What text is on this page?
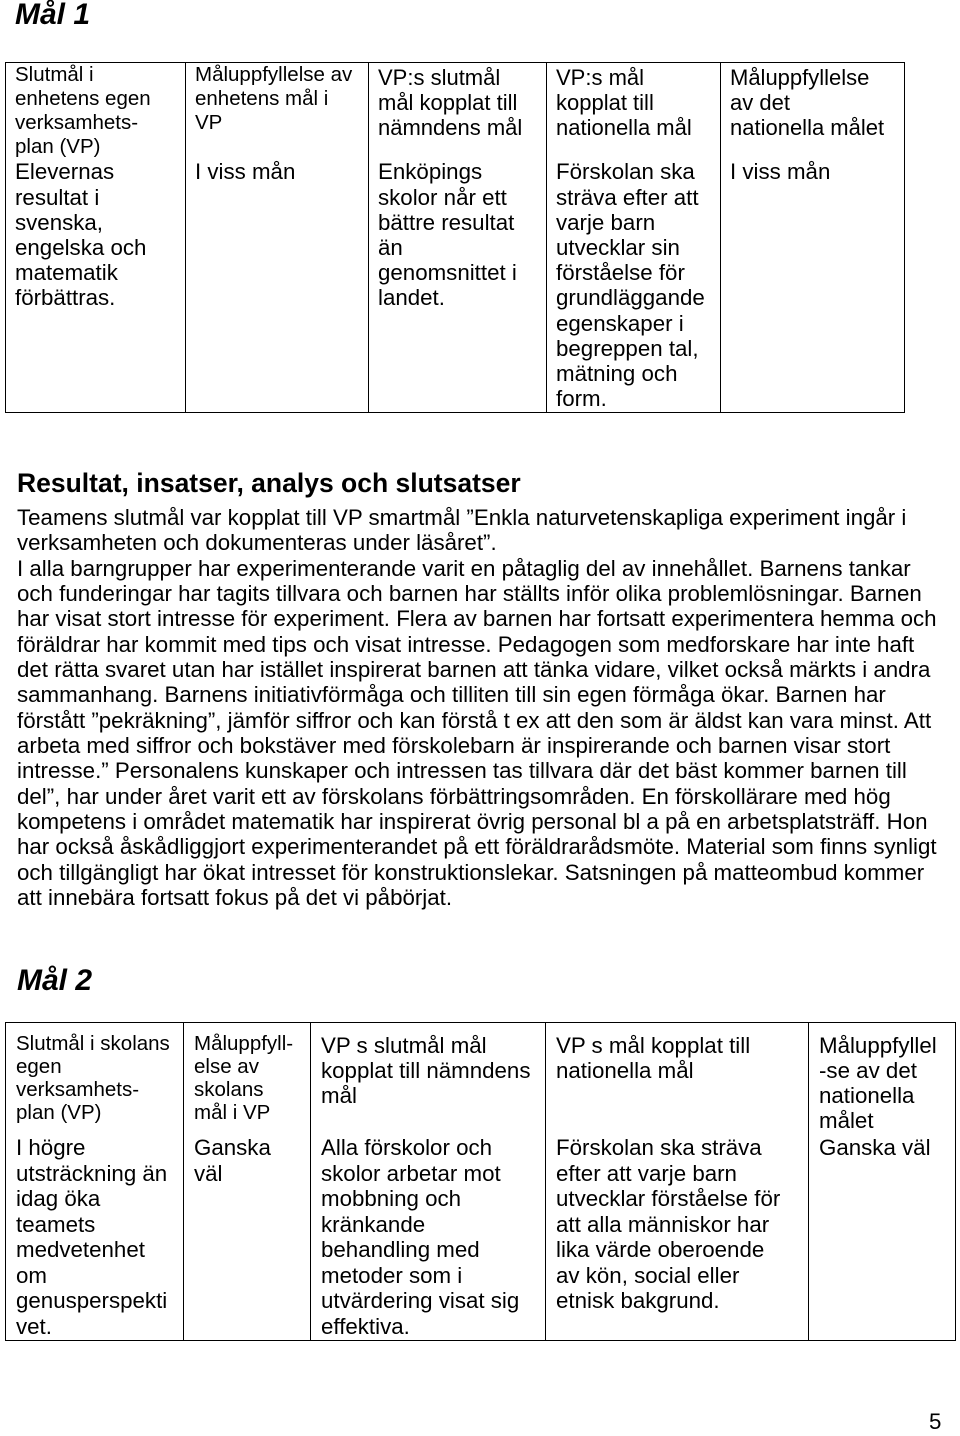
Mål 1
Slutmål i
enhetens egen
verksamhets-
plan (VP)
Elevernas
resultat i
svenska,
engelska och
matematik
förbättras.
Måluppfyllelse av
enhetens mål i
VP
I viss mån
VP:s slutmål
mål kopplat till
nämndens mål
Enköpings
skolor når ett
bättre resultat
än
genomsnittet i
landet.
VP:s mål
kopplat till
nationella mål
Förskolan ska
sträva efter att
varje barn
utvecklar sin
förståelse för
grundläggande
egenskaper i
begreppen tal,
mätning och
form.
Måluppfyllelse
av det
nationella målet
I viss mån
Resultat, insatser, analys och slutsatser

Teamens slutmål var kopplat till VP smartmål ”Enkla naturvetenskapliga experiment ingår i
verksamheten och dokumenteras under läsåret”.

I alla barngrupper har experimenterande varit en påtaglig del av innehållet. Barnens tankar
och funderingar har tagits tillvara och barnen har ställts inför olika problemlösningar. Barnen
har visat stort intresse för experiment. Flera av barnen har fortsatt experimentera hemma och
föräldrar har kommit med tips och visat intresse. Pedagogen som medforskare har inte haft
det rätta svaret utan har istället inspirerat barnen att tänka vidare, vilket också märkts i andra
sammanhang. Barnens initiativförmåga och tilliten till sin egen förmåga ökar. Barnen har
förstått ”pekräkning”, jämför siffror och kan förstå t ex att den som är äldst kan vara minst. Att
arbeta med siffror och bokstäver med förskolebarn är inspirerande och barnen visar stort
intresse.” Personalens kunskaper och intressen tas tillvara där det bäst kommer barnen till
del”, har under året varit ett av förskolans förbättringsområden. En förskollärare med hög
kompetens i området matematik har inspirerat övrig personal bl a på en arbetsplatsträff. Hon
har också åskådliggjort experimenterandet på ett föräldrarådsmöte. Material som finns synligt
och tillgängligt har ökat intresset för konstruktionslekar. Satsningen på matteombud kommer
att innebära fortsatt fokus på det vi påbörjat.

Mål 2
Slutmål i skolans
egen
verksamhets-
plan (VP)
I högre
utsträckning än
idag öka
teamets
medvetenhet
om
genusperspekti
vet.
Måluppfyll-
else av
skolans
mål i VP
Ganska
väl
VP s slutmål mål
kopplat till nämndens
mål
Alla förskolor och
skolor arbetar mot
mobbning och
kränkande
behandling med
metoder som i
utvärdering visat sig
effektiva.
VP s mål kopplat till
nationella mål
Förskolan ska sträva
efter att varje barn
utvecklar förståelse för
att alla människor har
lika värde oberoende
av kön, social eller
etnisk bakgrund.
Måluppfyllel
-se av det
nationella
målet
Ganska väl
5
